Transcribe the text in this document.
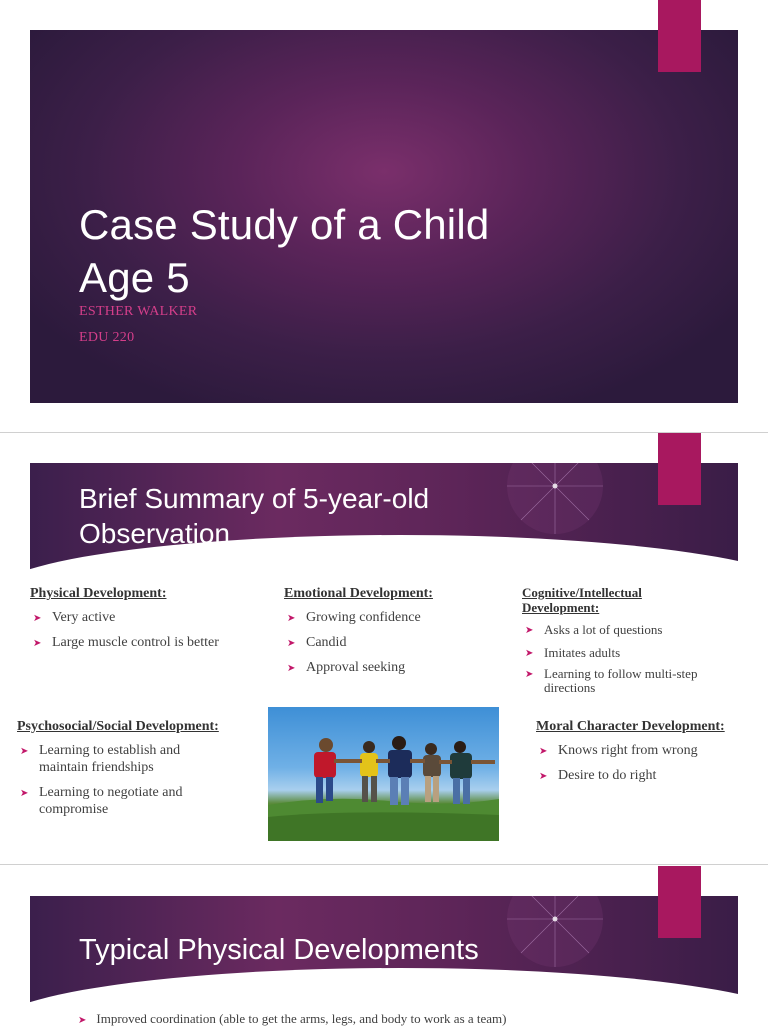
Case Study of a Child
Age 5
ESTHER WALKER
EDU 220
Brief Summary of 5-year-old
Observation
Physical Development:
➤ Very active
➤ Large muscle control is better
Emotional Development:
➤ Growing confidence
➤ Candid
➤ Approval seeking
Cognitive/Intellectual
Development:
➤ Asks a lot of questions
➤ Imitates adults
➤ Learning to follow multi-step directions
Psychosocial/Social Development:
➤ Learning to establish and maintain friendships
➤ Learning to negotiate and compromise
Moral Character Development:
➤ Knows right from wrong
➤ Desire to do right
Typical Physical Developments
➤ Improved coordination (able to get the arms, legs, and body to work as a team)
